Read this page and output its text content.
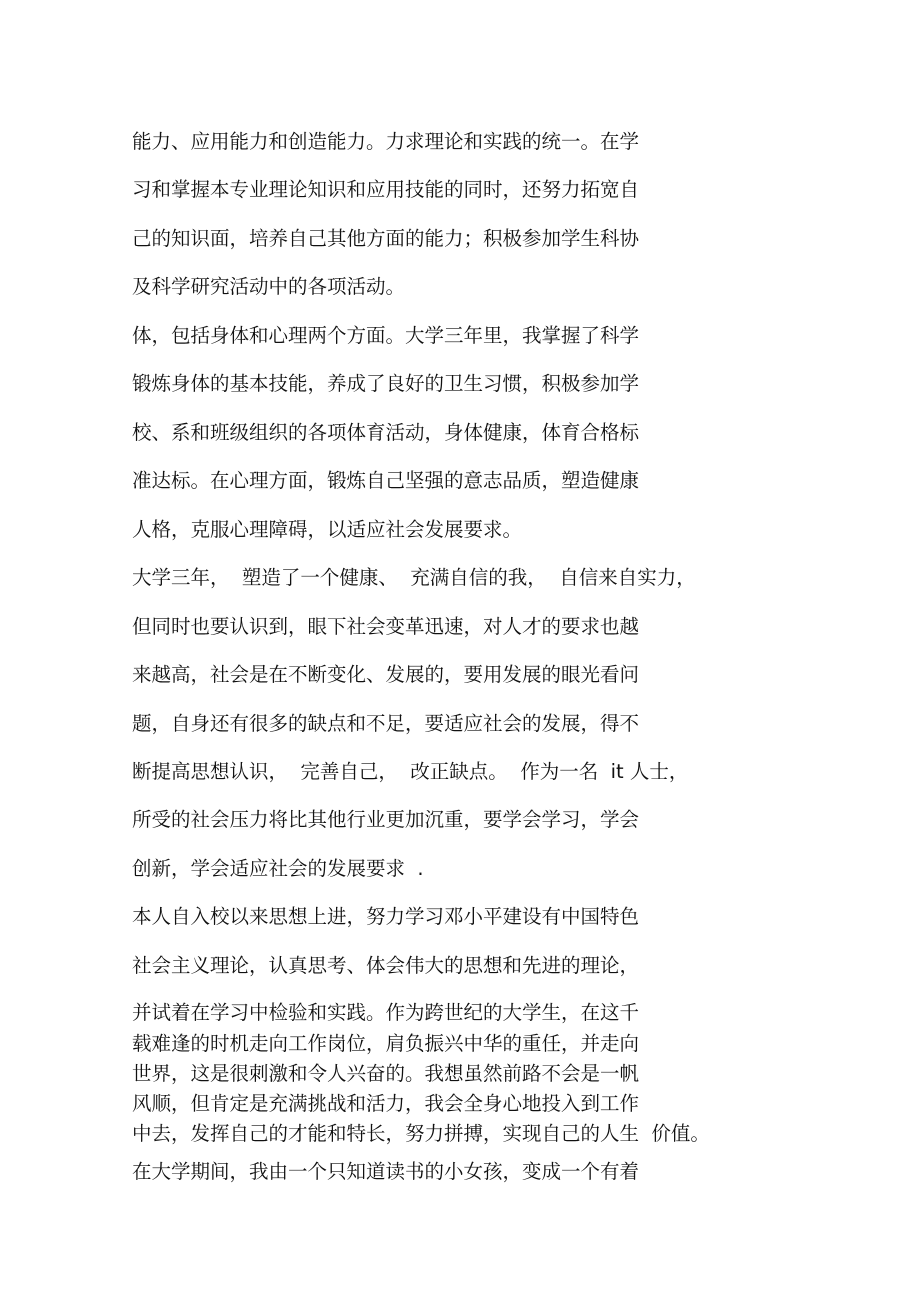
能力、应用能力和创造能力。力求理论和实践的统一。在学

习和掌握本专业理论知识和应用技能的同时，还努力拓宽自

己的知识面，培养自己其他方面的能力；积极参加学生科协

及科学研究活动中的各项活动。

体，包括身体和心理两个方面。大学三年里，我掌握了科学

锻炼身体的基本技能，养成了良好的卫生习惯，积极参加学

校、系和班级组织的各项体育活动，身体健康，体育合格标

准达标。在心理方面，锻炼自己坚强的意志品质，塑造健康

人格，克服心理障碍，以适应社会发展要求。

大学三年，  塑造了一个健康、  充满自信的我，  自信来自实力，

但同时也要认识到，眼下社会变革迅速，对人才的要求也越

来越高，社会是在不断变化、发展的，要用发展的眼光看问

题，自身还有很多的缺点和不足，要适应社会的发展，得不

断提高思想认识，  完善自己，  改正缺点。  作为一名  it 人士，

所受的社会压力将比其他行业更加沉重，要学会学习，学会

创新，学会适应社会的发展要求  .

本人自入校以来思想上进，努力学习邓小平建设有中国特色

社会主义理论，认真思考、体会伟大的思想和先进的理论，

并试着在学习中检验和实践。作为跨世纪的大学生，在这千

载难逢的时机走向工作岗位，肩负振兴中华的重任，并走向

世界，这是很刺激和令人兴奋的。我想虽然前路不会是一帆

风顺，但肯定是充满挑战和活力，我会全身心地投入到工作

中去，发挥自己的才能和特长，努力拼搏，实现自己的人生  价值。

在大学期间，我由一个只知道读书的小女孩，变成一个有着
